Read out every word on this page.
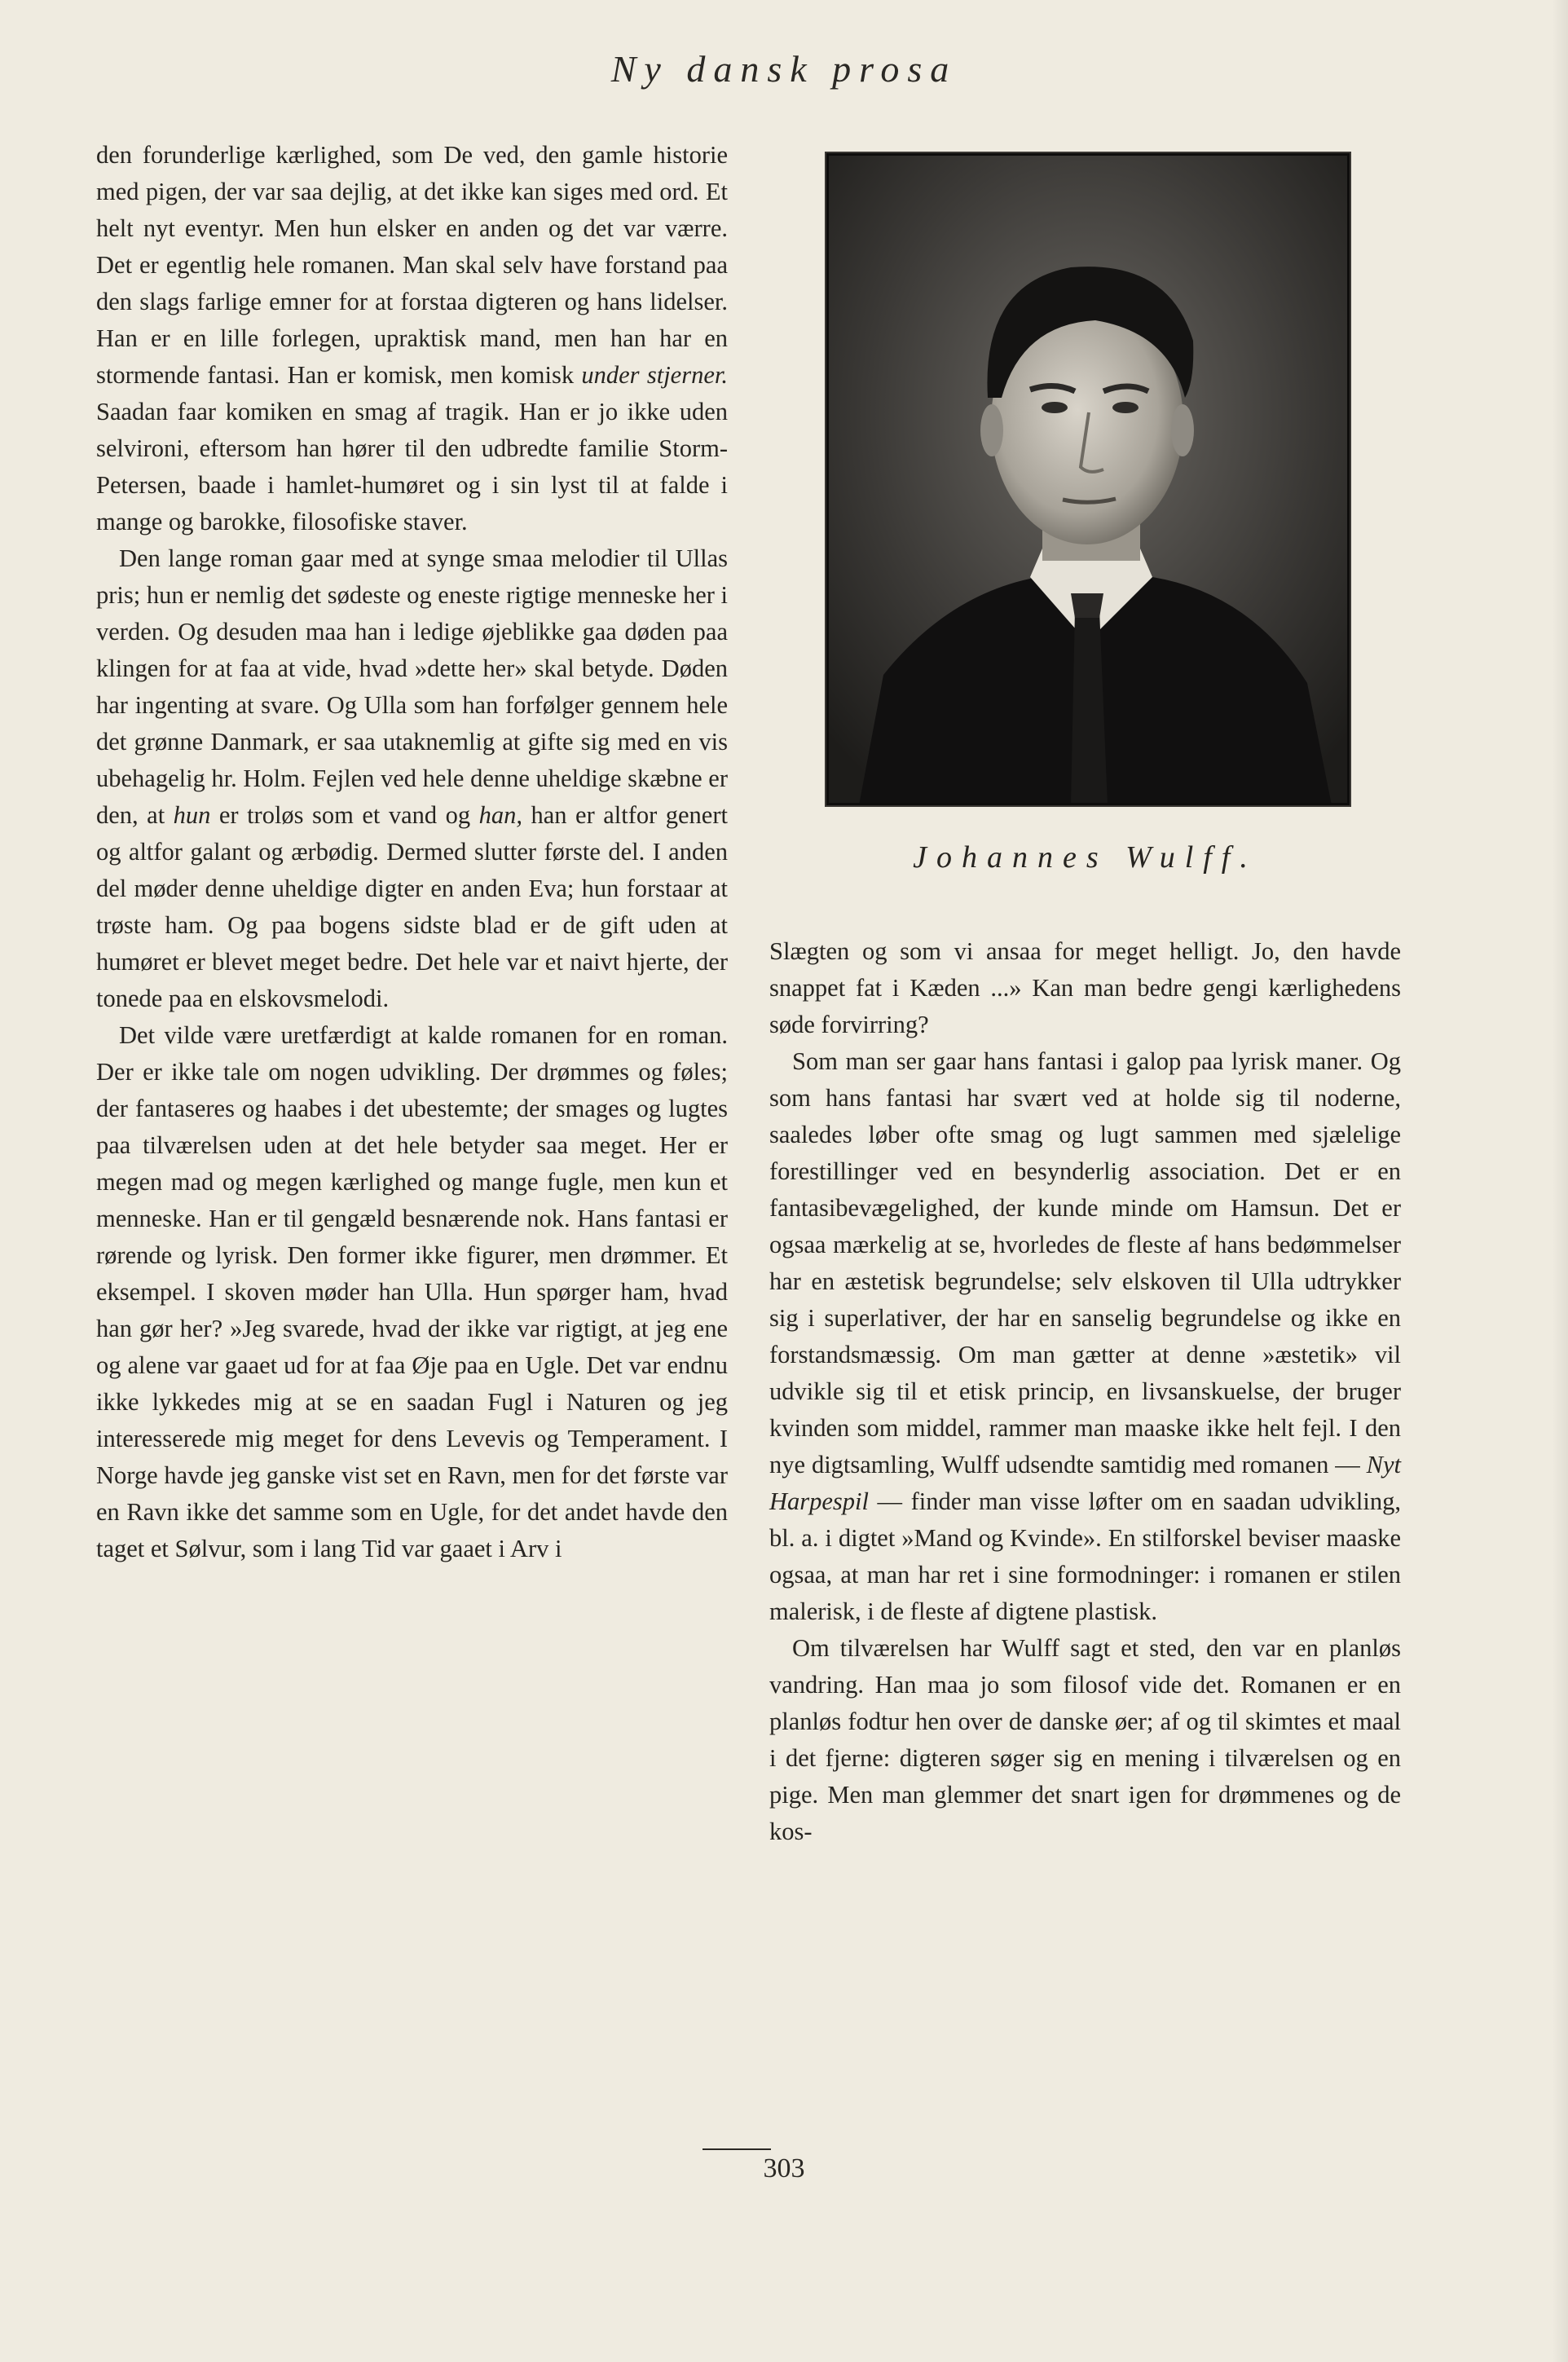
Ny dansk prosa

den forunderlige kærlighed, som De ved, den gamle historie med pigen, der var saa dejlig, at det ikke kan siges med ord. Et helt nyt eventyr. Men hun elsker en anden og det var værre. Det er egentlig hele romanen. Man skal selv have forstand paa den slags farlige emner for at forstaa digteren og hans lidelser. Han er en lille forlegen, upraktisk mand, men han har en stormende fantasi. Han er komisk, men komisk under stjerner. Saadan faar komiken en smag af tragik. Han er jo ikke uden selvironi, eftersom han hører til den udbredte familie Storm-Petersen, baade i hamlet-humøret og i sin lyst til at falde i mange og barokke, filosofiske staver.

Den lange roman gaar med at synge smaa melodier til Ullas pris; hun er nemlig det sødeste og eneste rigtige menneske her i verden. Og desuden maa han i ledige øjeblikke gaa døden paa klingen for at faa at vide, hvad »dette her» skal betyde. Døden har ingenting at svare. Og Ulla som han forfølger gennem hele det grønne Danmark, er saa utaknemlig at gifte sig med en vis ubehagelig hr. Holm. Fejlen ved hele denne uheldige skæbne er den, at hun er troløs som et vand og han, han er altfor genert og altfor galant og ærbødig. Dermed slutter første del. I anden del møder denne uheldige digter en anden Eva; hun forstaar at trøste ham. Og paa bogens sidste blad er de gift uden at humøret er blevet meget bedre. Det hele var et naivt hjerte, der tonede paa en elskovsmelodi.

Det vilde være uretfærdigt at kalde romanen for en roman. Der er ikke tale om nogen udvikling. Der drømmes og føles; der fantaseres og haabes i det ubestemte; der smages og lugtes paa tilværelsen uden at det hele betyder saa meget. Her er megen mad og megen kærlighed og mange fugle, men kun et menneske. Han er til gengæld besnærende nok. Hans fantasi er rørende og lyrisk. Den former ikke figurer, men drømmer. Et eksempel. I skoven møder han Ulla. Hun spørger ham, hvad han gør her? »Jeg svarede, hvad der ikke var rigtigt, at jeg ene og alene var gaaet ud for at faa Øje paa en Ugle. Det var endnu ikke lykkedes mig at se en saadan Fugl i Naturen og jeg interesserede mig meget for dens Levevis og Temperament. I Norge havde jeg ganske vist set en Ravn, men for det første var en Ravn ikke det samme som en Ugle, for det andet havde den taget et Sølvur, som i lang Tid var gaaet i Arv i

Johannes Wulff.

Slægten og som vi ansaa for meget helligt. Jo, den havde snappet fat i Kæden ...» Kan man bedre gengi kærlighedens søde forvirring?

Som man ser gaar hans fantasi i galop paa lyrisk maner. Og som hans fantasi har svært ved at holde sig til noderne, saaledes løber ofte smag og lugt sammen med sjælelige forestillinger ved en besynderlig association. Det er en fantasibevægelighed, der kunde minde om Hamsun. Det er ogsaa mærkelig at se, hvorledes de fleste af hans bedømmelser har en æstetisk begrundelse; selv elskoven til Ulla udtrykker sig i superlativer, der har en sanselig begrundelse og ikke en forstandsmæssig. Om man gætter at denne »æstetik» vil udvikle sig til et etisk princip, en livsanskuelse, der bruger kvinden som middel, rammer man maaske ikke helt fejl. I den nye digtsamling, Wulff udsendte samtidig med romanen — Nyt Harpespil — finder man visse løfter om en saadan udvikling, bl. a. i digtet »Mand og Kvinde». En stilforskel beviser maaske ogsaa, at man har ret i sine formodninger: i romanen er stilen malerisk, i de fleste af digtene plastisk.

Om tilværelsen har Wulff sagt et sted, den var en planløs vandring. Han maa jo som filosof vide det. Romanen er en planløs fodtur hen over de danske øer; af og til skimtes et maal i det fjerne: digteren søger sig en mening i tilværelsen og en pige. Men man glemmer det snart igen for drømmenes og de kos-

303
